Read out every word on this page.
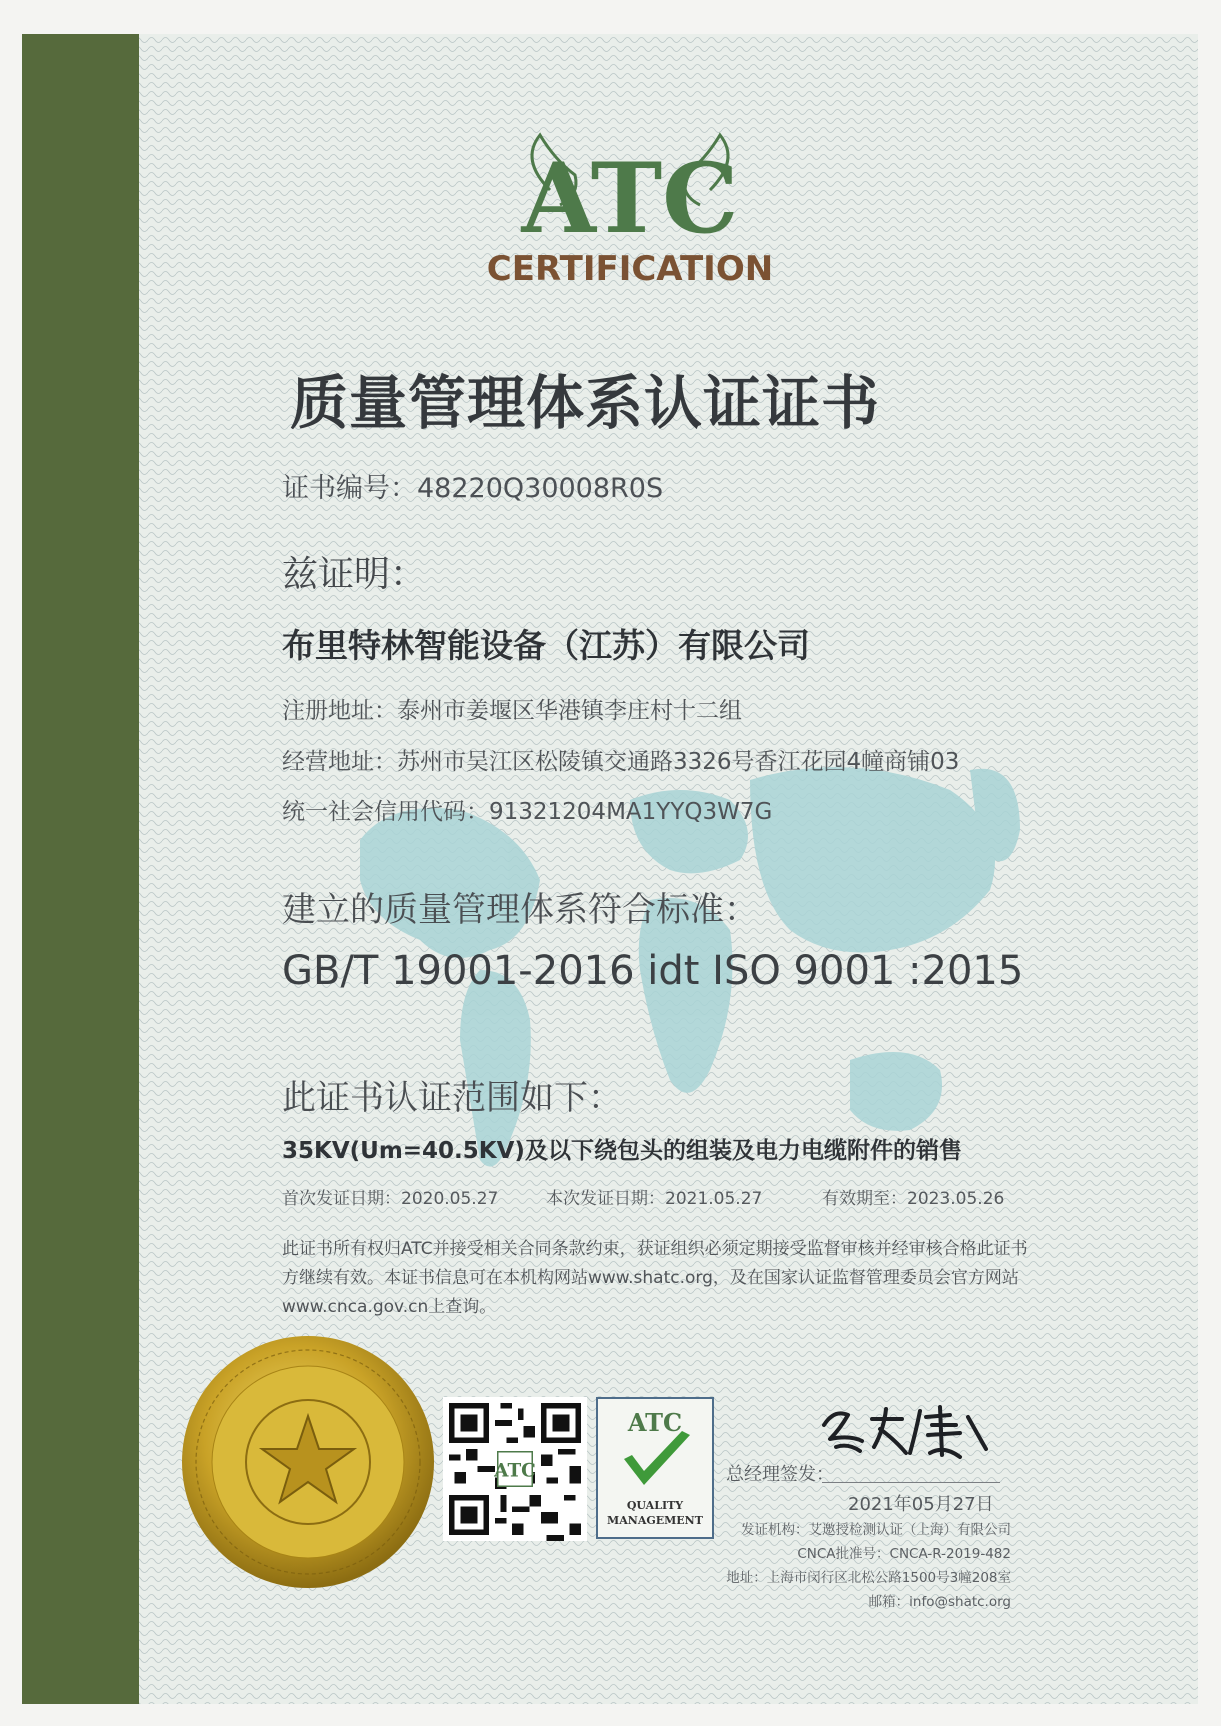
ATC
CERTIFICATION
质量管理体系认证证书
证书编号：48220Q30008R0S
兹证明：
布里特林智能设备（江苏）有限公司
注册地址：泰州市姜堰区华港镇李庄村十二组
经营地址：苏州市吴江区松陵镇交通路3326号香江花园4幢商铺03
统一社会信用代码：91321204MA1YYQ3W7G
建立的质量管理体系符合标准：
GB/T 19001-2016 idt ISO 9001 :2015
此证书认证范围如下：
35KV(Um=40.5KV)及以下绕包头的组装及电力电缆附件的销售
首次发证日期：2020.05.27	本次发证日期：2021.05.27	有效期至：2023.05.26
此证书所有权归ATC并接受相关合同条款约束，获证组织必须定期接受监督审核并经审核合格此证书方继续有效。本证书信息可在本机构网站www.shatc.org，及在国家认证监督管理委员会官方网站www.cnca.gov.cn上查询。
ATC
ATC
QUALITY
MANAGEMENT
总经理签发：
2021年05月27日
发证机构：艾邀授检测认证（上海）有限公司
CNCA批准号：CNCA-R-2019-482
地址：上海市闵行区北松公路1500号3幢208室
邮箱：info@shatc.org
